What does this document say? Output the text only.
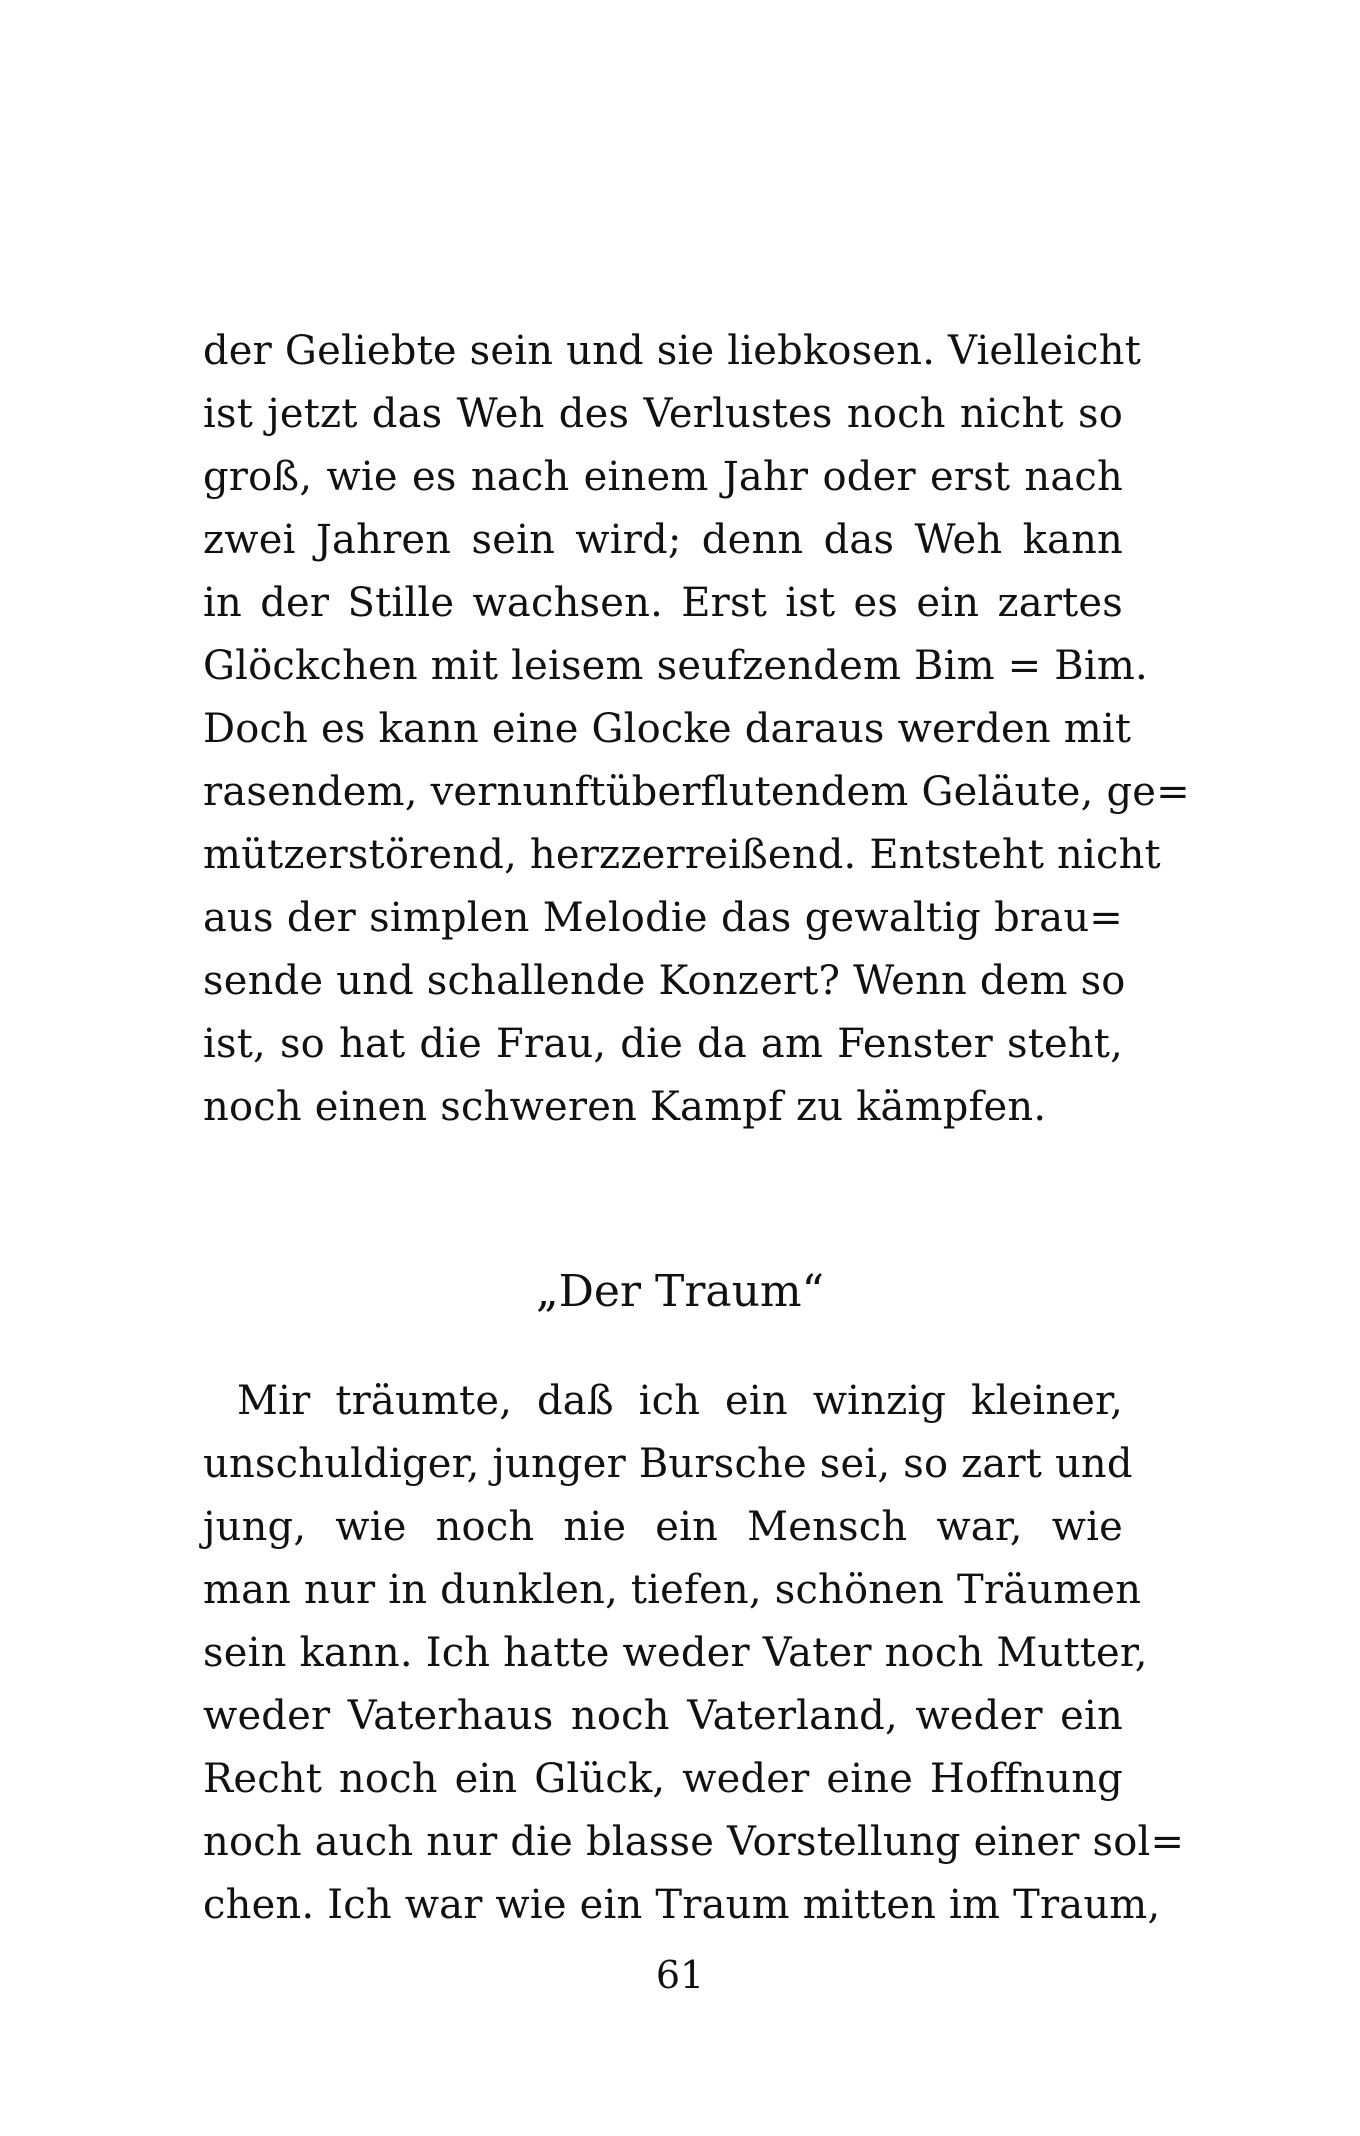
der Geliebte sein und sie liebkosen. Vielleicht
ist jetzt das Weh des Verlustes noch nicht so
groß, wie es nach einem Jahr oder erst nach
zwei Jahren sein wird; denn das Weh kann
in der Stille wachsen. Erst ist es ein zartes
Glöckchen mit leisem seufzendem Bim = Bim.
Doch es kann eine Glocke daraus werden mit
rasendem, vernunftüberflutendem Geläute, ge=
mützerstörend, herzzerreißend. Entsteht nicht
aus der simplen Melodie das gewaltig brau=
sende und schallende Konzert? Wenn dem so
ist, so hat die Frau, die da am Fenster steht,
noch einen schweren Kampf zu kämpfen.
„Der Traum“
Mir träumte, daß ich ein winzig kleiner,
unschuldiger, junger Bursche sei, so zart und
jung, wie noch nie ein Mensch war, wie
man nur in dunklen, tiefen, schönen Träumen
sein kann. Ich hatte weder Vater noch Mutter,
weder Vaterhaus noch Vaterland, weder ein
Recht noch ein Glück, weder eine Hoffnung
noch auch nur die blasse Vorstellung einer sol=
chen. Ich war wie ein Traum mitten im Traum,
61
